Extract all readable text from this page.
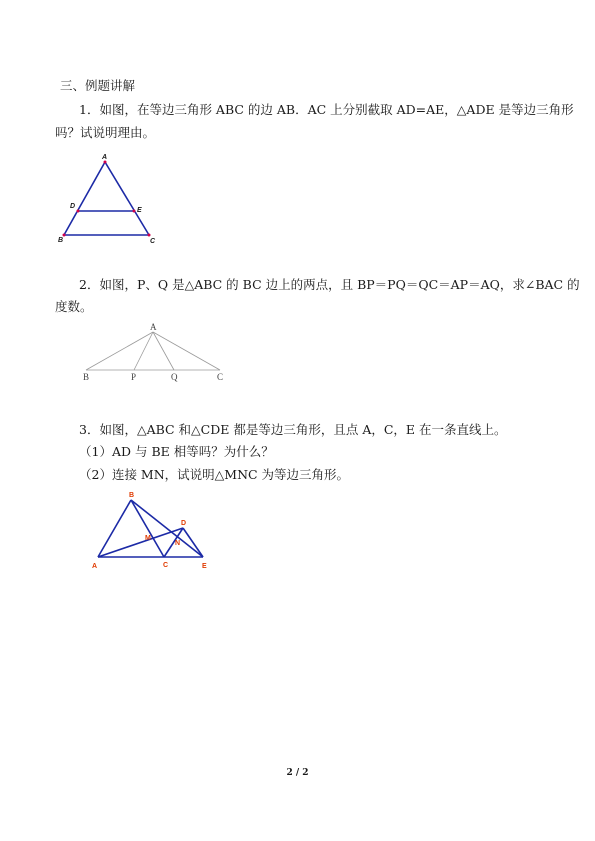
三、例题讲解
1．如图，在等边三角形 ABC 的边 AB．AC 上分别截取 AD=AE，△ADE 是等边三角形
吗？试说明理由。
A
D
E
B	C
2．如图，P、Q 是△ABC 的 BC 边上的两点，且 BP＝PQ＝QC＝AP＝AQ，求∠BAC 的
度数。
A
B	P	Q	C
3．如图，△ABC 和△CDE 都是等边三角形，且点 A，C，E 在一条直线上。
（1）AD 与 BE 相等吗？为什么？
（2）连接 MN，试说明△MNC 为等边三角形。
B
D
M
N
A	C	E
2 / 2
